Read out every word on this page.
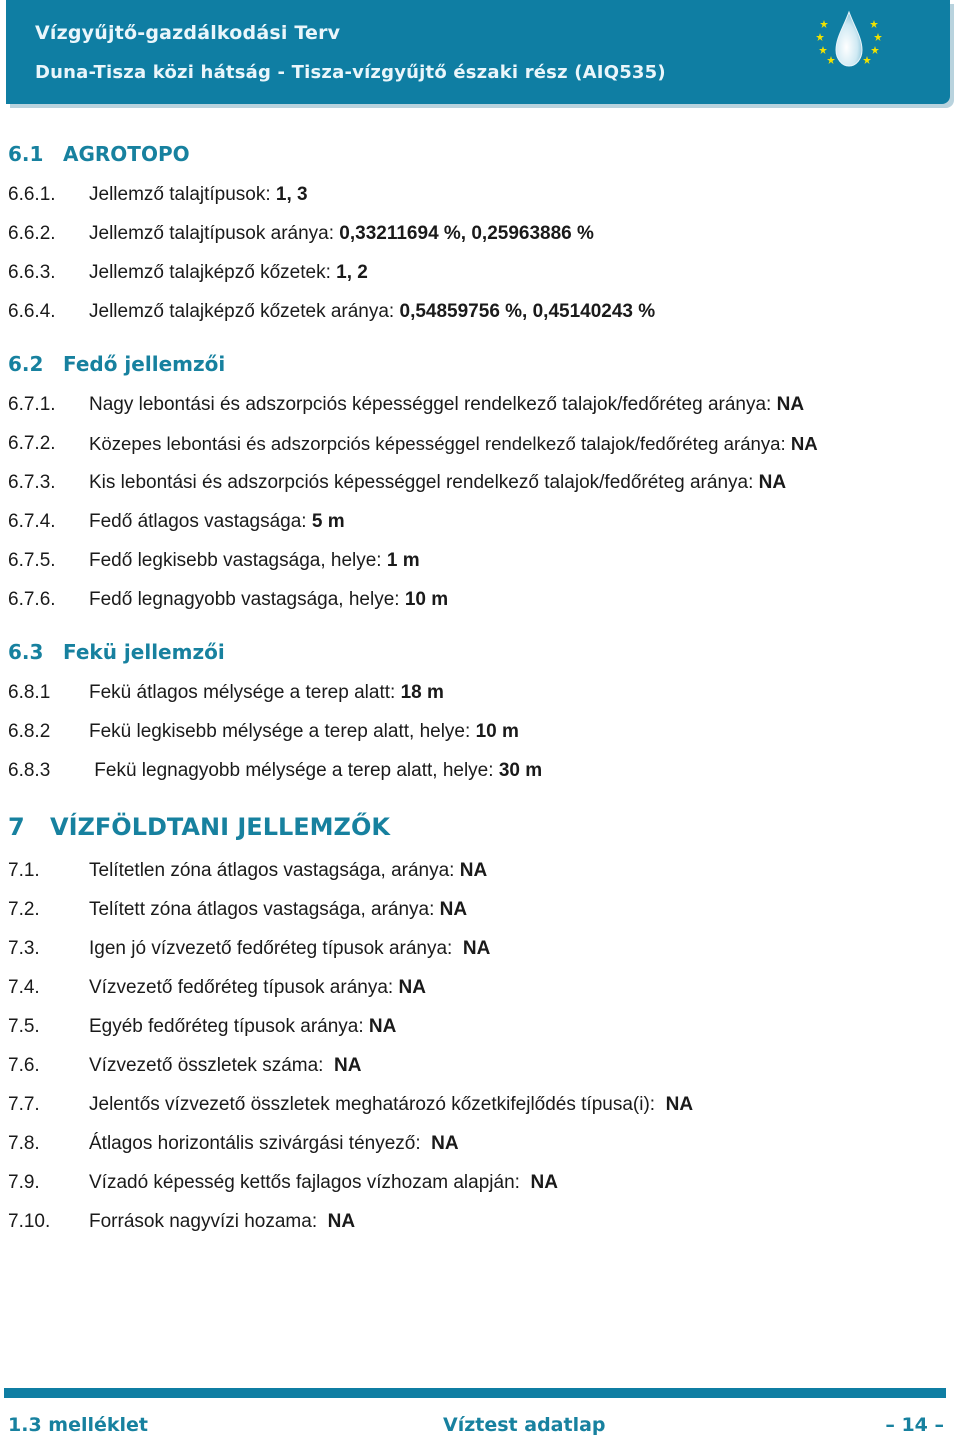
Vízgyűjtő-gazdálkodási Terv
Duna-Tisza közi hátság - Tisza-vízgyűjtő északi rész (AIQ535)
6.1 AGROTOPO
6.6.1. Jellemző talajtípusok: 1, 3
6.6.2. Jellemző talajtípusok aránya: 0,33211694 %, 0,25963886 %
6.6.3. Jellemző talajképző kőzetek: 1, 2
6.6.4. Jellemző talajképző kőzetek aránya: 0,54859756 %, 0,45140243 %
6.2 Fedő jellemzői
6.7.1. Nagy lebontási és adszorpciós képességgel rendelkező talajok/fedőréteg aránya: NA
6.7.2. Közepes lebontási és adszorpciós képességgel rendelkező talajok/fedőréteg aránya: NA
6.7.3. Kis lebontási és adszorpciós képességgel rendelkező talajok/fedőréteg aránya: NA
6.7.4. Fedő átlagos vastagsága: 5 m
6.7.5. Fedő legkisebb vastagsága, helye: 1 m
6.7.6. Fedő legnagyobb vastagsága, helye: 10 m
6.3 Fekü jellemzői
6.8.1 Fekü átlagos mélysége a terep alatt: 18 m
6.8.2 Fekü legkisebb mélysége a terep alatt, helye: 10 m
6.8.3 Fekü legnagyobb mélysége a terep alatt, helye: 30 m
7 VÍZFÖLDTANI JELLEMZŐK
7.1.	Telítetlen zóna átlagos vastagsága, aránya: NA
7.2.	Telített zóna átlagos vastagsága, aránya: NA
7.3.	Igen jó vízvezető fedőréteg típusok aránya:  NA
7.4.	Vízvezető fedőréteg típusok aránya: NA
7.5.	Egyéb fedőréteg típusok aránya: NA
7.6.	Vízvezető összletek száma:  NA
7.7.	Jelentős vízvezető összletek meghatározó kőzetkifejlődés típusa(i):  NA
7.8.	Átlagos horizontális szivárgási tényező:  NA
7.9.	Vízadó képesség kettős fajlagos vízhozam alapján:  NA
7.10. Források nagyvízi hozama:  NA
1.3 melléklet	Víztest adatlap	– 14 –
